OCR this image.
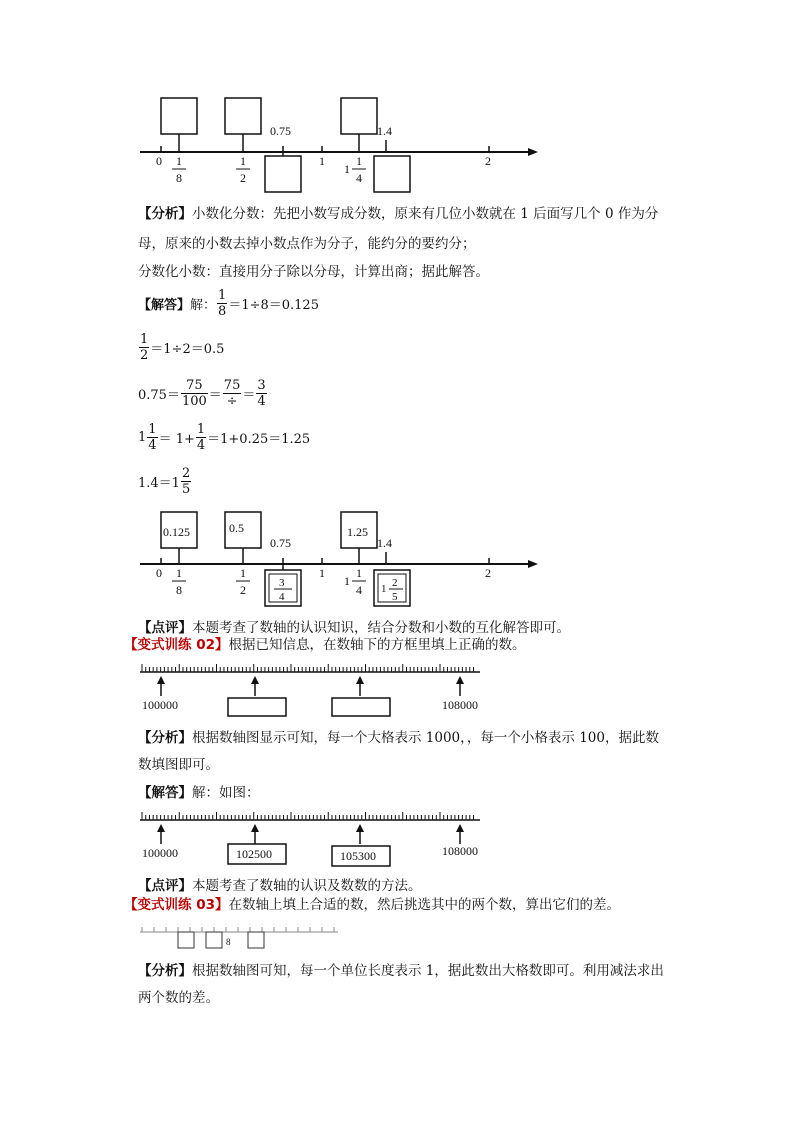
0	1	2
0.75	1.4
1
8
1
2
1
1
4
【分析】小数化分数：先把小数写成分数，原来有几位小数就在 1 后面写几个 0 作为分
母，原来的小数去掉小数点作为分子，能约分的要约分；
分数化小数：直接用分子除以分母，计算出商；据此解答。
【解答】 解： $\frac{1}{8} =1\div 8=0.125$
$\frac{1}{2} =1\div 2=0.5$
$0.75= \frac{75}{100} = \frac{75}{\div} = \frac{3}{4}$
$1 \frac{1}{4} = 1+ \frac{1}{4} =1+0.25=1.25$
$1.4=1 \frac{2}{5}$
0.125	0.5	1.25
0	1	2
0.75	1.4
1
8
1
2
1
1
4
3
4
1 2
5
【点评】本题考查了数轴的认识知识，结合分数和小数的互化解答即可。
【变式训练 02】根据已知信息，在数轴下的方框里填上正确的数。
100000	108000
【分析】根据数轴图显示可知，每一个大格表示 1000，，每一个小格表示 100，据此数
数填图即可。
【解答】解：如图：
100000	102500	105300	108000
【点评】本题考查了数轴的认识及数数的方法。
【变式训练 03】在数轴上填上合适的数，然后挑选其中的两个数，算出它们的差。
8
【分析】根据数轴图可知，每一个单位长度表示 1，据此数出大格数即可。利用减法求出
两个数的差。
